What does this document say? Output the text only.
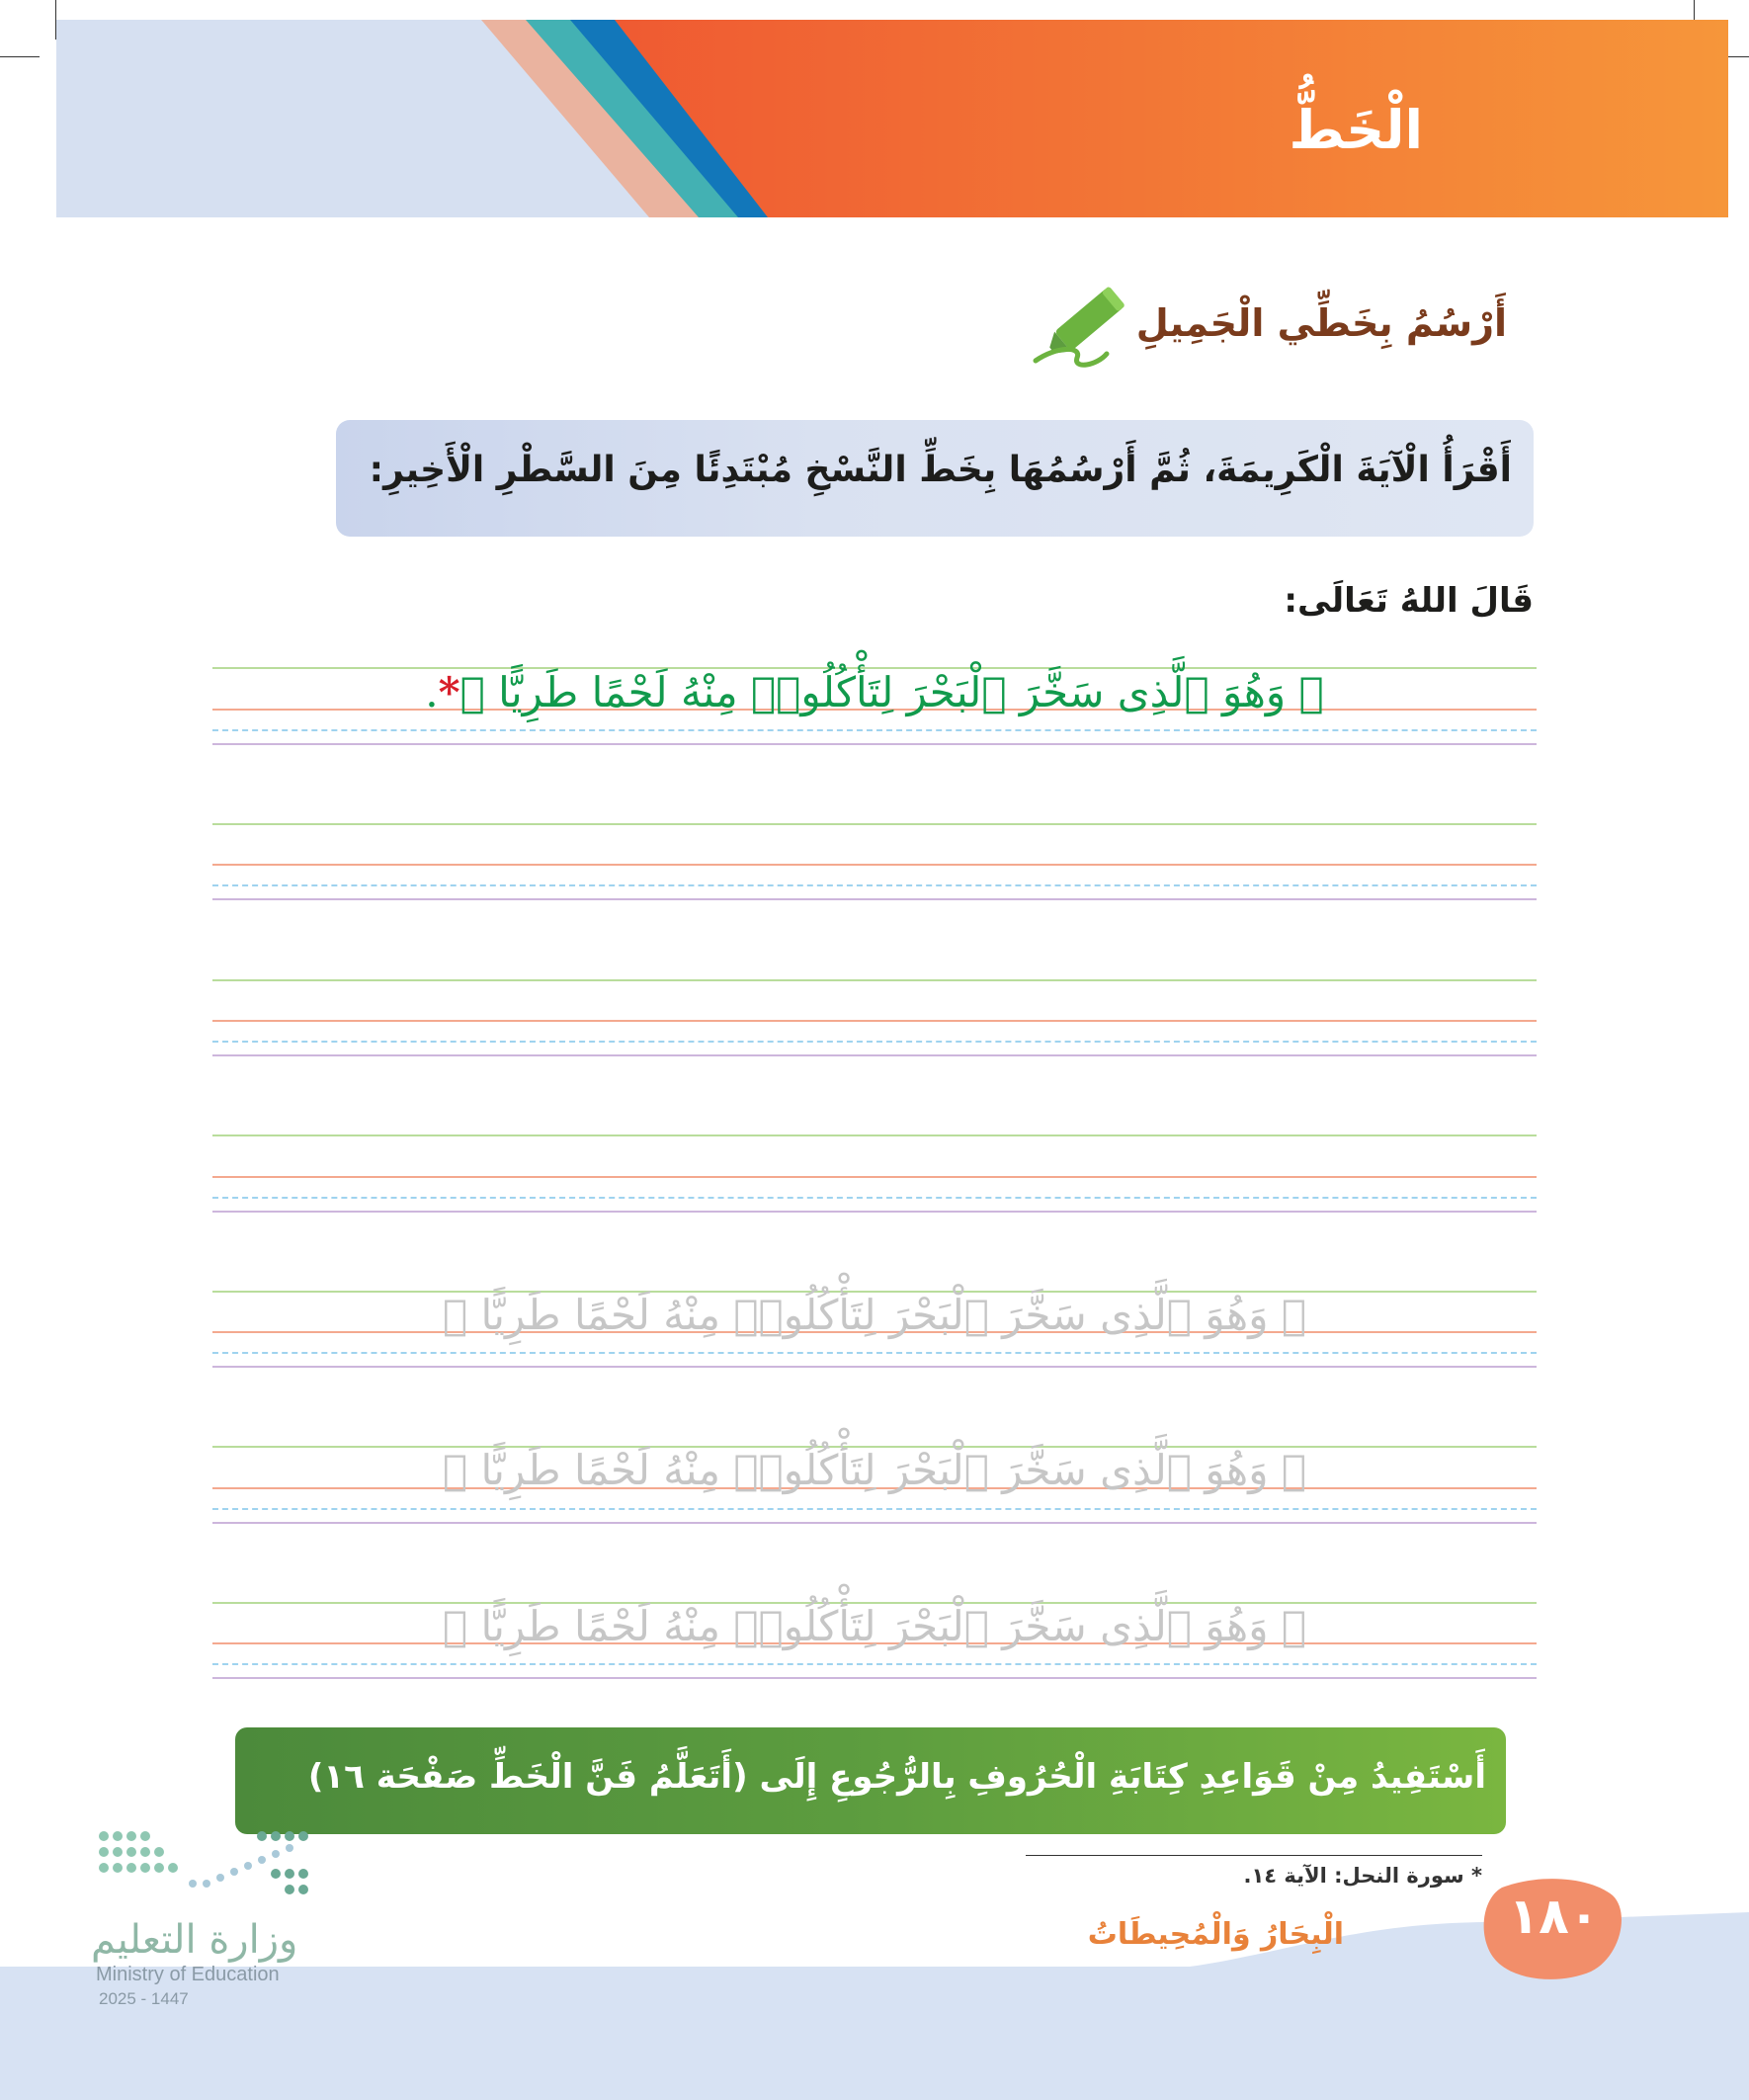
الْخَطُّ
أَرْسُمُ بِخَطِّي الْجَمِيلِ
أَقْرَأُ الْآيَةَ الْكَرِيمَةَ، ثُمَّ أَرْسُمُهَا بِخَطِّ النَّسْخِ مُبْتَدِئًا مِنَ السَّطْرِ الْأَخِيرِ:
قَالَ اللهُ تَعَالَى:
﴿ وَهُوَ ٱلَّذِى سَخَّرَ ٱلْبَحْرَ لِتَأْكُلُوا۟ مِنْهُ لَحْمًا طَرِيًّا ﴾*.
﴿ وَهُوَ ٱلَّذِى سَخَّرَ ٱلْبَحْرَ لِتَأْكُلُوا۟ مِنْهُ لَحْمًا طَرِيًّا ﴾
﴿ وَهُوَ ٱلَّذِى سَخَّرَ ٱلْبَحْرَ لِتَأْكُلُوا۟ مِنْهُ لَحْمًا طَرِيًّا ﴾
﴿ وَهُوَ ٱلَّذِى سَخَّرَ ٱلْبَحْرَ لِتَأْكُلُوا۟ مِنْهُ لَحْمًا طَرِيًّا ﴾
أَسْتَفِيدُ مِنْ قَوَاعِدِ كِتَابَةِ الْحُرُوفِ بِالرُّجُوعِ إِلَى (أَتَعَلَّمُ فَنَّ الْخَطِّ صَفْحَة ١٦)
* سورة النحل: الآية ١٤.
الْبِحَارُ وَالْمُحِيطَاتُ	١٨٠
وزارة التعليم
Ministry of Education
2025 - 1447
